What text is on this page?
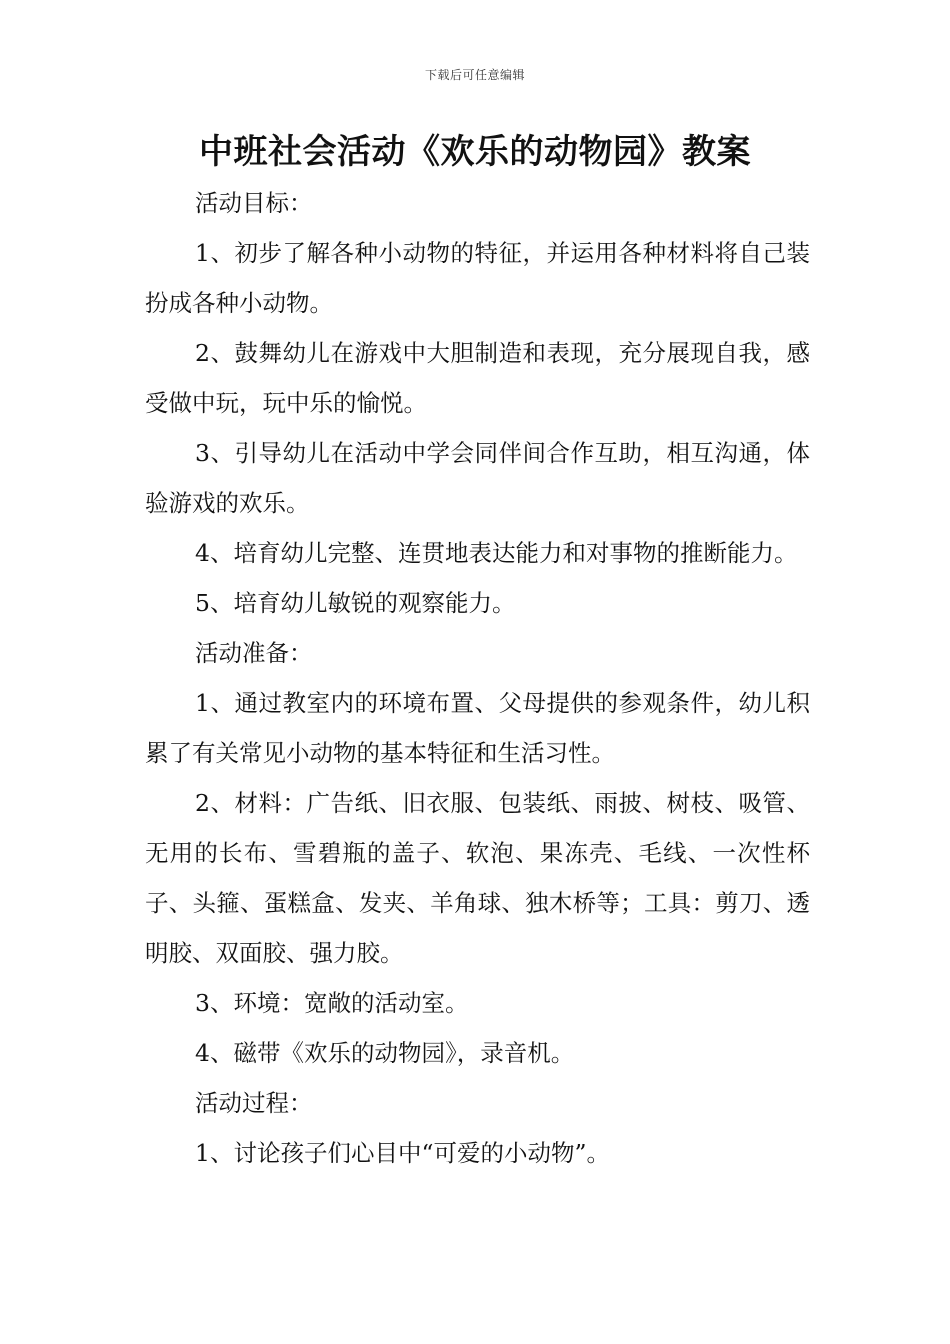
下载后可任意编辑
中班社会活动《欢乐的动物园》教案

活动目标：

1、初步了解各种小动物的特征，并运用各种材料将自己装扮成各种小动物。

2、鼓舞幼儿在游戏中大胆制造和表现，充分展现自我，感受做中玩，玩中乐的愉悦。

3、引导幼儿在活动中学会同伴间合作互助，相互沟通，体验游戏的欢乐。

4、培育幼儿完整、连贯地表达能力和对事物的推断能力。

5、培育幼儿敏锐的观察能力。

活动准备：

1、通过教室内的环境布置、父母提供的参观条件，幼儿积累了有关常见小动物的基本特征和生活习性。

2、材料：广告纸、旧衣服、包装纸、雨披、树枝、吸管、无用的长布、雪碧瓶的盖子、软泡、果冻壳、毛线、一次性杯子、头箍、蛋糕盒、发夹、羊角球、独木桥等；工具：剪刀、透明胶、双面胶、强力胶。

3、环境：宽敞的活动室。

4、磁带《欢乐的动物园》，录音机。

活动过程：

1、讨论孩子们心目中“可爱的小动物”。
